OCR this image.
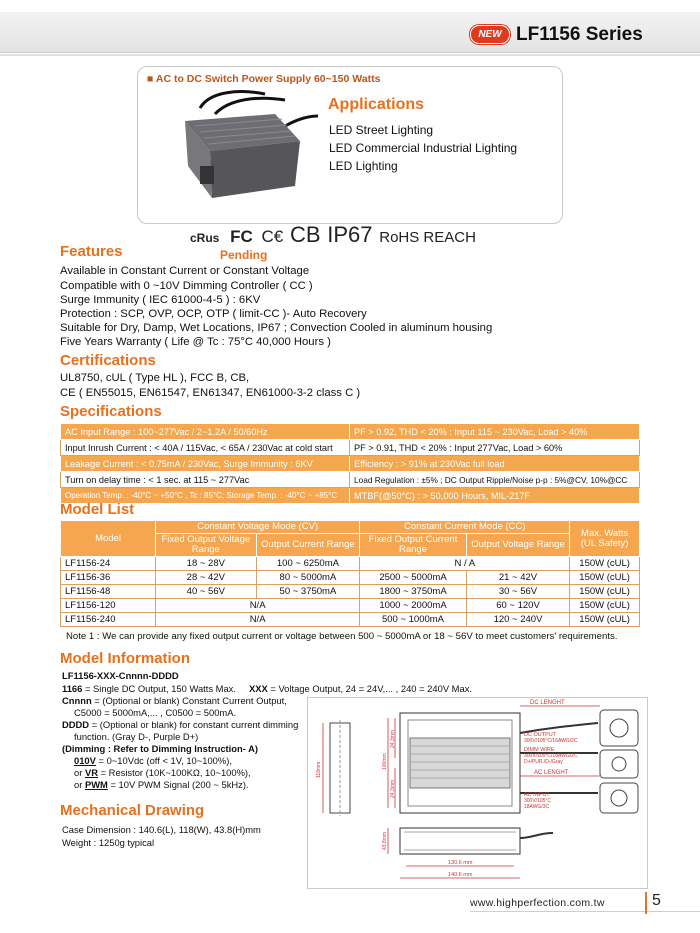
NEW LF1156 Series
■ AC to DC Switch Power Supply 60~150 Watts
Applications
LED Street Lighting
LED Commercial Industrial Lighting
LED Lighting
cRus FC C€ CB IP67 RoHS REACH
Pending
Features
Available in Constant Current or Constant Voltage
Compatible with 0 ~10V Dimming Controller ( CC )
Surge Immunity ( IEC 61000-4-5 ) : 6KV
Protection : SCP, OVP, OCP, OTP ( limit-CC )- Auto Recovery
Suitable for Dry, Damp, Wet Locations, IP67 ; Convection Cooled in aluminum housing
Five Years Warranty ( Life @ Tc : 75°C 40,000 Hours )
Certifications
UL8750, cUL ( Type HL ), FCC B, CB,
CE ( EN55015, EN61547, EN61347, EN61000-3-2 class C )
Specifications
AC Input Range : 100~277Vac / 2~1.2A / 50/60Hz	PF > 0.92, THD < 20% : Input 115 ~ 230Vac, Load > 40%
Input Inrush Current : < 40A / 115Vac, < 65A / 230Vac at cold start	PF > 0.91, THD < 20% : Input 277Vac, Load > 60%
Leakage Current : < 0.75mA / 230Vac, Surge Immunity : 6KV	Efficiency : > 91% at 230Vac full load
Turn on delay time : < 1 sec. at 115 ~ 277Vac	Load Regulation : ±5% ; DC Output Ripple/Noise p-p : 5%@CV, 10%@CC
Operation Temp. : -40°C ~ +50°C , Tc : 85°C; Storage Temp. : -40°C ~ +85°C	MTBF(@50°C) : > 50,000 Hours, MIL-217F
Model List
Model	Constant Voltage Mode (CV)		Constant Current Mode (CC)		Max. Watts (UL Safety)
	Fixed Output Voltage Range	Output Current Range	Fixed Output Current Range	Output Voltage Range	
LF1156-24	18 ~ 28V	100 ~ 6250mA	N / A		150W (cUL)
LF1156-36	28 ~ 42V	80 ~ 5000mA	2500 ~ 5000mA	21 ~ 42V	150W (cUL)
LF1156-48	40 ~ 56V	50 ~ 3750mA	1800 ~ 3750mA	30 ~ 56V	150W (cUL)
LF1156-120	N/A		1000 ~ 2000mA	60 ~ 120V	150W (cUL)
LF1156-240	N/A		500 ~ 1000mA	120 ~ 240V	150W (cUL)
Note 1 : We can provide any fixed output current or voltage between 500 ~ 5000mA or 18 ~ 56V to meet customers' requirements.
Model Information
LF1156-XXX-Cnnnn-DDDD
1166 = Single DC Output, 150 Watts Max. XXX = Voltage Output, 24 = 24V,... , 240 = 240V Max.
Cnnnn = (Optional or blank) Constant Current Output,
C5000 = 5000mA,... , C0500 = 500mA.
DDDD = (Optional or blank) for constant current dimming
function. (Gray D-, Purple D+)
(Dimming : Refer to Dimming Instruction- A)
010V = 0~10Vdc (off < 1V, 10~100%),
or VR = Resistor (10K~100KΩ, 10~100%),
or PWM = 10V PWM Signal (200 ~ 5kHz).
Mechanical Drawing
Case Dimension : 140.6(L), 118(W), 43.8(H)mm
Weight : 1250g typical
DC LENGHT
DC OUTPUT
300V/105°C/16AWG/2C
DIMM WIRE
300V/105°C/18AWG/2C
D+/PUR./D-/Gray
AC LENGHT
AC INPUT
300V/105°C
18AWG/3C
118mm
24.3mm
100mm
24.3mm
43.8mm
130.6 mm
140.6 mm
www.highperfection.com.tw	5
